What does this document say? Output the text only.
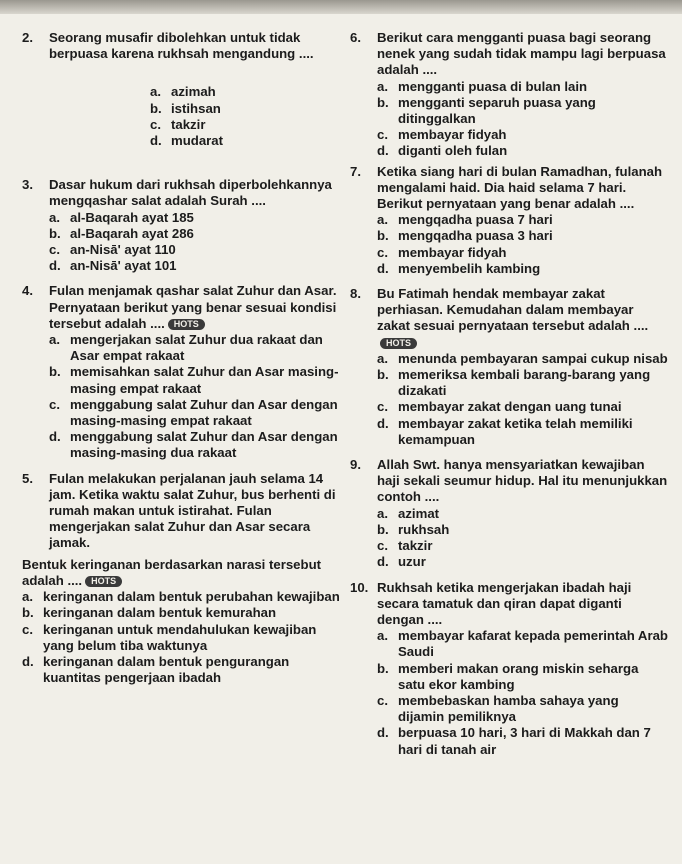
2.	Seorang musafir dibolehkan untuk tidak berpuasa karena rukhsah mengandung ....
a. azimah
b. istihsan
c. takzir
d. mudarat
3.	Dasar hukum dari rukhsah diperbolehkannya mengqashar salat adalah Surah ....
a. al-Baqarah ayat 185
b. al-Baqarah ayat 286
c. an-Nisā' ayat 110
d. an-Nisā' ayat 101
4.	Fulan menjamak qashar salat Zuhur dan Asar. Pernyataan berikut yang benar sesuai kondisi tersebut adalah .... HOTS
a. mengerjakan salat Zuhur dua rakaat dan Asar empat rakaat
b. memisahkan salat Zuhur dan Asar masing-masing empat rakaat
c. menggabung salat Zuhur dan Asar dengan masing-masing empat rakaat
d. menggabung salat Zuhur dan Asar dengan masing-masing dua rakaat
5.	Fulan melakukan perjalanan jauh selama 14 jam. Ketika waktu salat Zuhur, bus berhenti di rumah makan untuk istirahat. Fulan mengerjakan salat Zuhur dan Asar secara jamak.
Bentuk keringanan berdasarkan narasi tersebut adalah .... HOTS
a. keringanan dalam bentuk perubahan kewajiban
b. keringanan dalam bentuk kemurahan
c. keringanan untuk mendahulukan kewajiban yang belum tiba waktunya
d. keringanan dalam bentuk pengurangan kuantitas pengerjaan ibadah
6.	Berikut cara mengganti puasa bagi seorang nenek yang sudah tidak mampu lagi berpuasa adalah ....
a. mengganti puasa di bulan lain
b. mengganti separuh puasa yang ditinggalkan
c. membayar fidyah
d. diganti oleh fulan
7.	Ketika siang hari di bulan Ramadhan, fulanah mengalami haid. Dia haid selama 7 hari. Berikut pernyataan yang benar adalah ....
a. mengqadha puasa 7 hari
b. mengqadha puasa 3 hari
c. membayar fidyah
d. menyembelih kambing
8.	Bu Fatimah hendak membayar zakat perhiasan. Kemudahan dalam membayar zakat sesuai pernyataan tersebut adalah ....HOTS
a. menunda pembayaran sampai cukup nisab
b. memeriksa kembali barang-barang yang dizakati
c. membayar zakat dengan uang tunai
d. membayar zakat ketika telah memiliki kemampuan
9.	Allah Swt. hanya mensyariatkan kewajiban haji sekali seumur hidup. Hal itu menunjukkan contoh ....
a. azimat
b. rukhsah
c. takzir
d. uzur
10. Rukhsah ketika mengerjakan ibadah haji secara tamatuk dan qiran dapat diganti dengan ....
a. membayar kafarat kepada pemerintah Arab Saudi
b. memberi makan orang miskin seharga satu ekor kambing
c. membebaskan hamba sahaya yang dijamin pemiliknya
d. berpuasa 10 hari, 3 hari di Makkah dan 7 hari di tanah air
